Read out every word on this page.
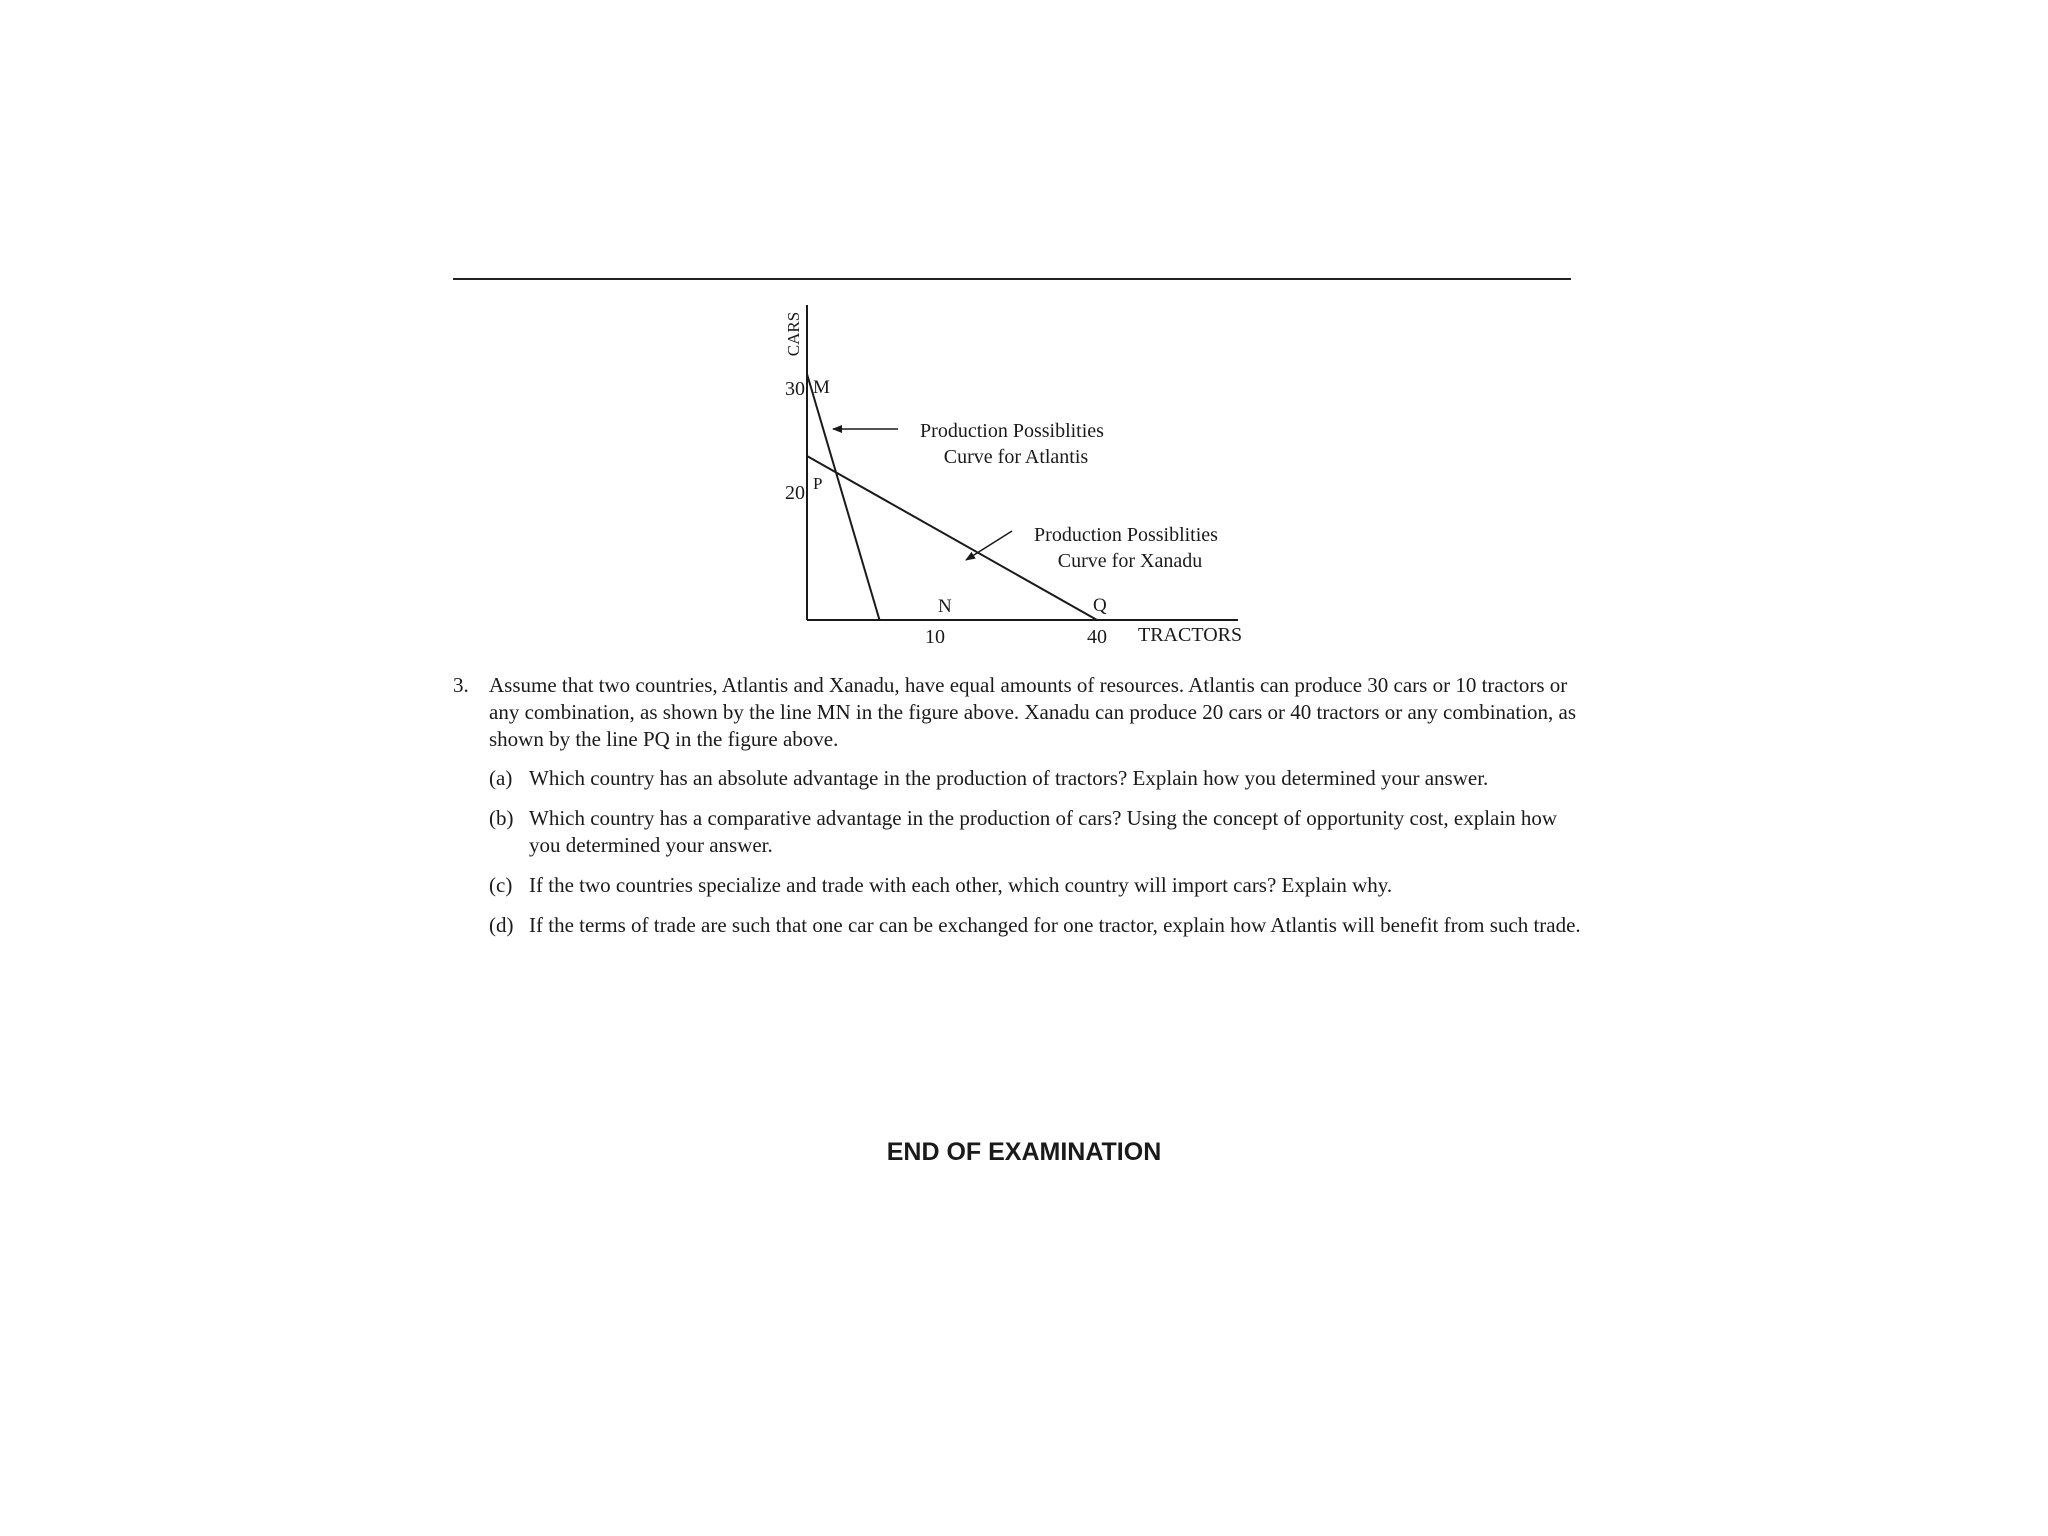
CARS
TRACTORS
30
20
10	40
M
N
P
Q
Production Possiblities
Curve for Atlantis
Production Possiblities
Curve for Xanadu
3. Assume that two countries, Atlantis and Xanadu, have equal amounts of resources. Atlantis can produce 30 cars or 10 tractors or any combination, as shown by the line MN in the figure above. Xanadu can produce 20 cars or 40 tractors or any combination, as shown by the line PQ in the figure above.
(a) Which country has an absolute advantage in the production of tractors? Explain how you determined your answer.
(b) Which country has a comparative advantage in the production of cars? Using the concept of opportunity cost, explain how you determined your answer.
(c) If the two countries specialize and trade with each other, which country will import cars? Explain why.
(d) If the terms of trade are such that one car can be exchanged for one tractor, explain how Atlantis will benefit from such trade.
END OF EXAMINATION
